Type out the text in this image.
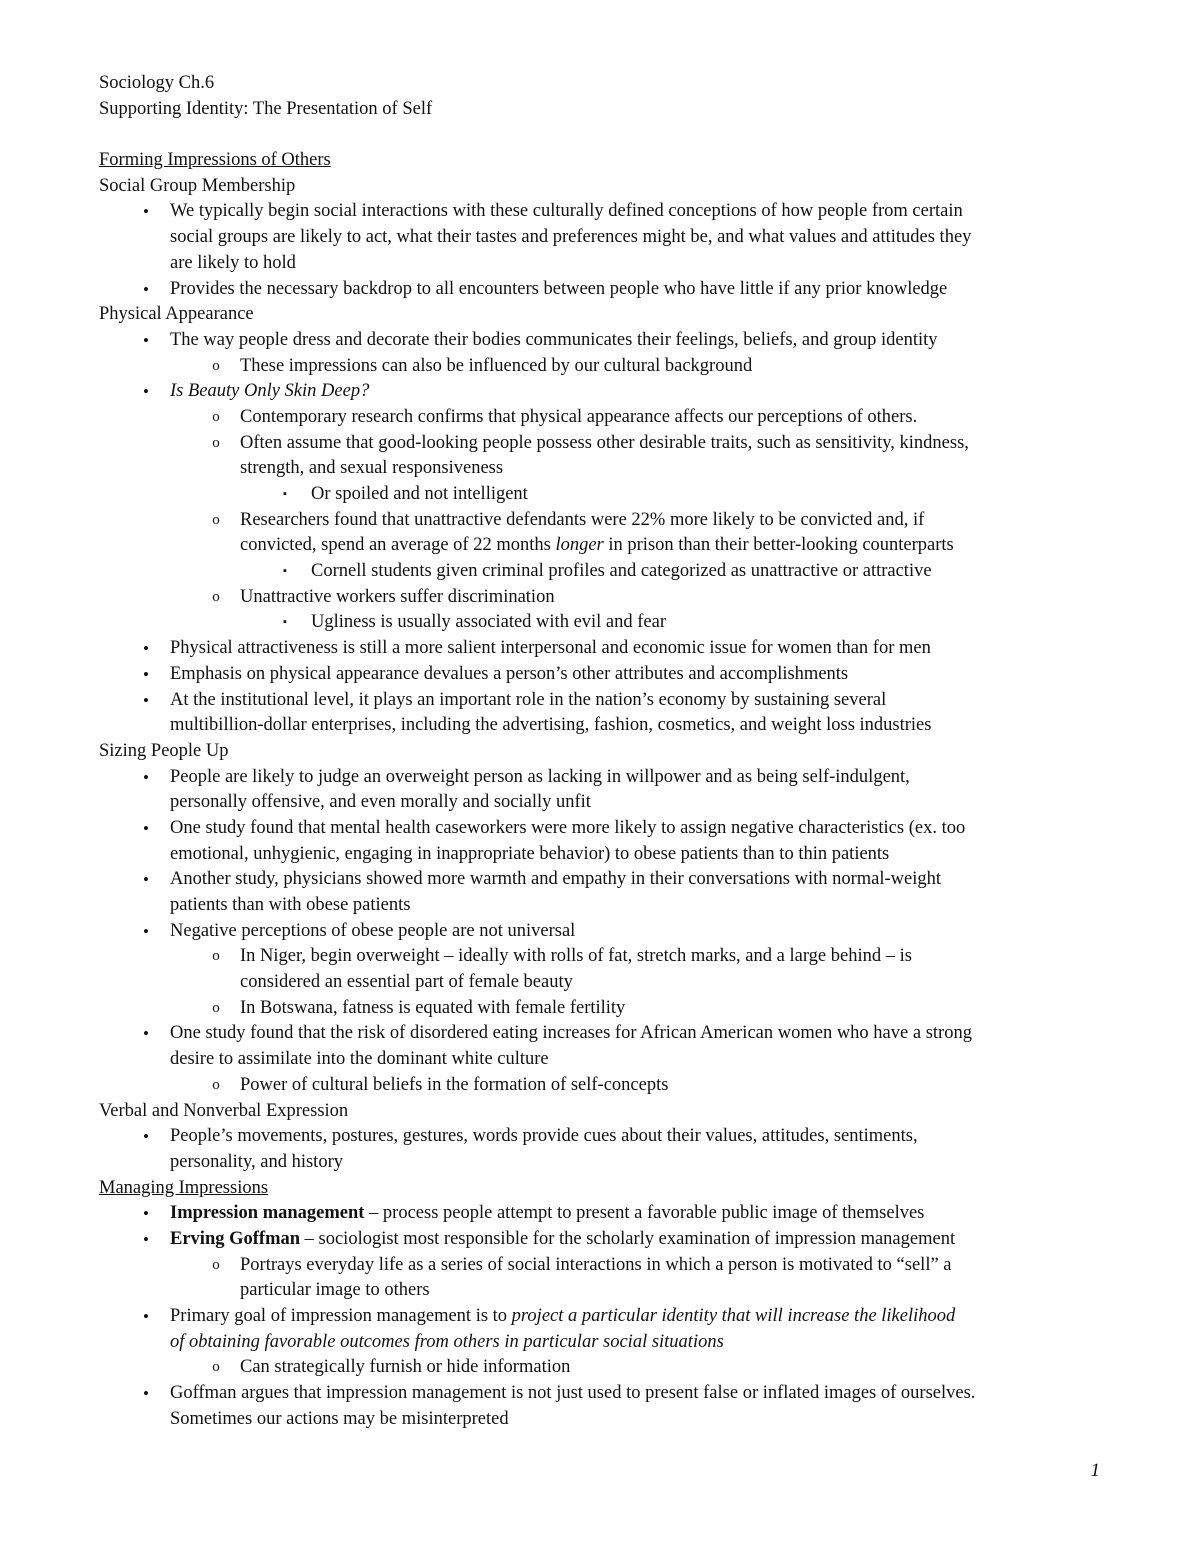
Sociology Ch.6
Supporting Identity: The Presentation of Self
Forming Impressions of Others
Social Group Membership
•	We typically begin social interactions with these culturally defined conceptions of how people from certain
social groups are likely to act, what their tastes and preferences might be, and what values and attitudes they
are likely to hold
•	Provides the necessary backdrop to all encounters between people who have little if any prior knowledge
Physical Appearance
•	The way people dress and decorate their bodies communicates their feelings, beliefs, and group identity
o These impressions can also be influenced by our cultural background
•	Is Beauty Only Skin Deep?
o Contemporary research confirms that physical appearance affects our perceptions of others.
o Often assume that good-looking people possess other desirable traits, such as sensitivity, kindness,
strength, and sexual responsiveness
▪	Or spoiled and not intelligent
o Researchers found that unattractive defendants were 22% more likely to be convicted and, if
convicted, spend an average of 22 months longer in prison than their better-looking counterparts
▪	Cornell students given criminal profiles and categorized as unattractive or attractive
o Unattractive workers suffer discrimination
▪	Ugliness is usually associated with evil and fear
•	Physical attractiveness is still a more salient interpersonal and economic issue for women than for men
•	Emphasis on physical appearance devalues a person’s other attributes and accomplishments
•	At the institutional level, it plays an important role in the nation’s economy by sustaining several
multibillion-dollar enterprises, including the advertising, fashion, cosmetics, and weight loss industries
Sizing People Up
•	People are likely to judge an overweight person as lacking in willpower and as being self-indulgent,
personally offensive, and even morally and socially unfit
•	One study found that mental health caseworkers were more likely to assign negative characteristics (ex. too
emotional, unhygienic, engaging in inappropriate behavior) to obese patients than to thin patients
•	Another study, physicians showed more warmth and empathy in their conversations with normal-weight
patients than with obese patients
•	Negative perceptions of obese people are not universal
o In Niger, begin overweight – ideally with rolls of fat, stretch marks, and a large behind – is
considered an essential part of female beauty
o In Botswana, fatness is equated with female fertility
•	One study found that the risk of disordered eating increases for African American women who have a strong
desire to assimilate into the dominant white culture
o Power of cultural beliefs in the formation of self-concepts
Verbal and Nonverbal Expression
•	People’s movements, postures, gestures, words provide cues about their values, attitudes, sentiments,
personality, and history
Managing Impressions
•	Impression management – process people attempt to present a favorable public image of themselves
•	Erving Goffman – sociologist most responsible for the scholarly examination of impression management
o Portrays everyday life as a series of social interactions in which a person is motivated to “sell” a
particular image to others
•	Primary goal of impression management is to project a particular identity that will increase the likelihood
of obtaining favorable outcomes from others in particular social situations
o Can strategically furnish or hide information
•	Goffman argues that impression management is not just used to present false or inflated images of ourselves.
Sometimes our actions may be misinterpreted
1
